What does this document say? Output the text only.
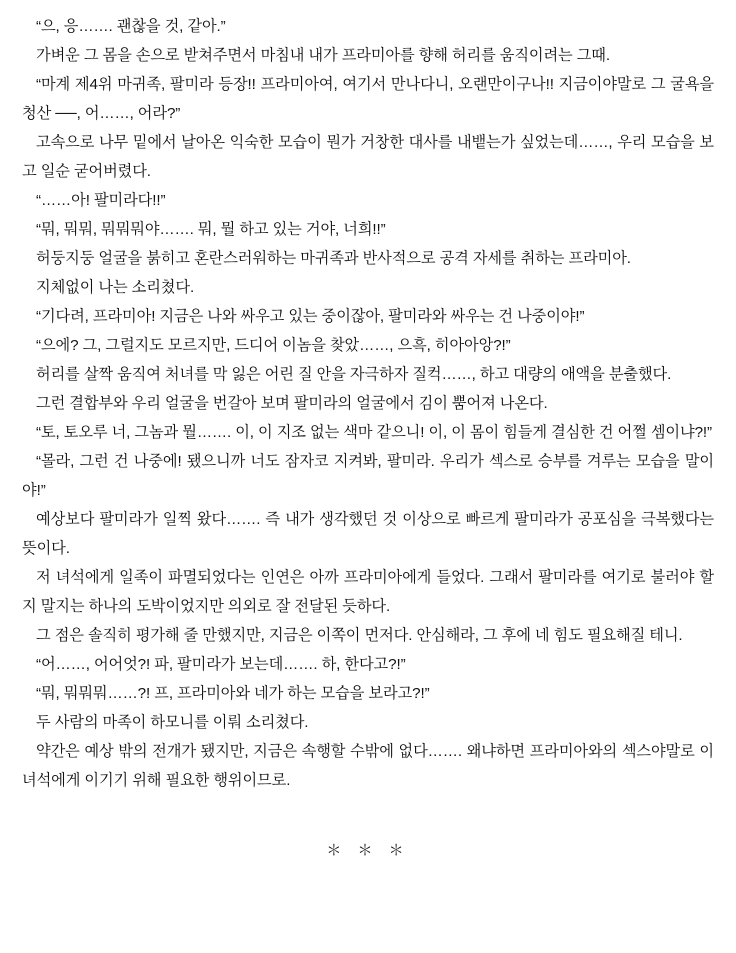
“으, 응……. 괜찮을 것, 같아.”

가벼운 그 몸을 손으로 받쳐주면서 마침내 내가 프라미아를 향해 허리를 움직이려는 그때.

“마계 제4위 마귀족, 팔미라 등장!! 프라미아여, 여기서 만나다니, 오랜만이구나!! 지금이야말로 그 굴욕을 청산 ──, 어……, 어라?”

고속으로 나무 밑에서 날아온 익숙한 모습이 뭔가 거창한 대사를 내뱉는가 싶었는데……, 우리 모습을 보고 일순 굳어버렸다.

“……아! 팔미라다!!”

“뭐, 뭐뭐, 뭐뭐뭐야……. 뭐, 뭘 하고 있는 거야, 너희!!”

허둥지둥 얼굴을 붉히고 혼란스러워하는 마귀족과 반사적으로 공격 자세를 취하는 프라미아.

지체없이 나는 소리쳤다.

“기다려, 프라미아! 지금은 나와 싸우고 있는 중이잖아, 팔미라와 싸우는 건 나중이야!”

“으에? 그, 그럴지도 모르지만, 드디어 이놈을 찾았……, 으흑, 히아아앙?!”

허리를 살짝 움직여 처녀를 막 잃은 어린 질 안을 자극하자 질컥……, 하고 대량의 애액을 분출했다.

그런 결합부와 우리 얼굴을 번갈아 보며 팔미라의 얼굴에서 김이 뿜어져 나온다.

“토, 토오루 너, 그놈과 뭘……. 이, 이 지조 없는 색마 같으니! 이, 이 몸이 힘들게 결심한 건 어쩔 셈이냐?!”

“몰라, 그런 건 나중에! 됐으니까 너도 잠자코 지켜봐, 팔미라. 우리가 섹스로 승부를 겨루는 모습을 말이야!”

예상보다 팔미라가 일찍 왔다……. 즉 내가 생각했던 것 이상으로 빠르게 팔미라가 공포심을 극복했다는 뜻이다.

저 녀석에게 일족이 파멸되었다는 인연은 아까 프라미아에게 들었다. 그래서 팔미라를 여기로 불러야 할지 말지는 하나의 도박이었지만 의외로 잘 전달된 듯하다.

그 점은 솔직히 평가해 줄 만했지만, 지금은 이쪽이 먼저다. 안심해라, 그 후에 네 힘도 필요해질 테니.

“어……, 어어엇?! 파, 팔미라가 보는데……. 하, 한다고?!”

“뭐, 뭐뭐뭐……?! 프, 프라미아와 네가 하는 모습을 보라고?!”

두 사람의 마족이 하모니를 이뤄 소리쳤다.

약간은 예상 밖의 전개가 됐지만, 지금은 속행할 수밖에 없다……. 왜냐하면 프라미아와의 섹스야말로 이 녀석에게 이기기 위해 필요한 행위이므로.

＊ ＊ ＊
